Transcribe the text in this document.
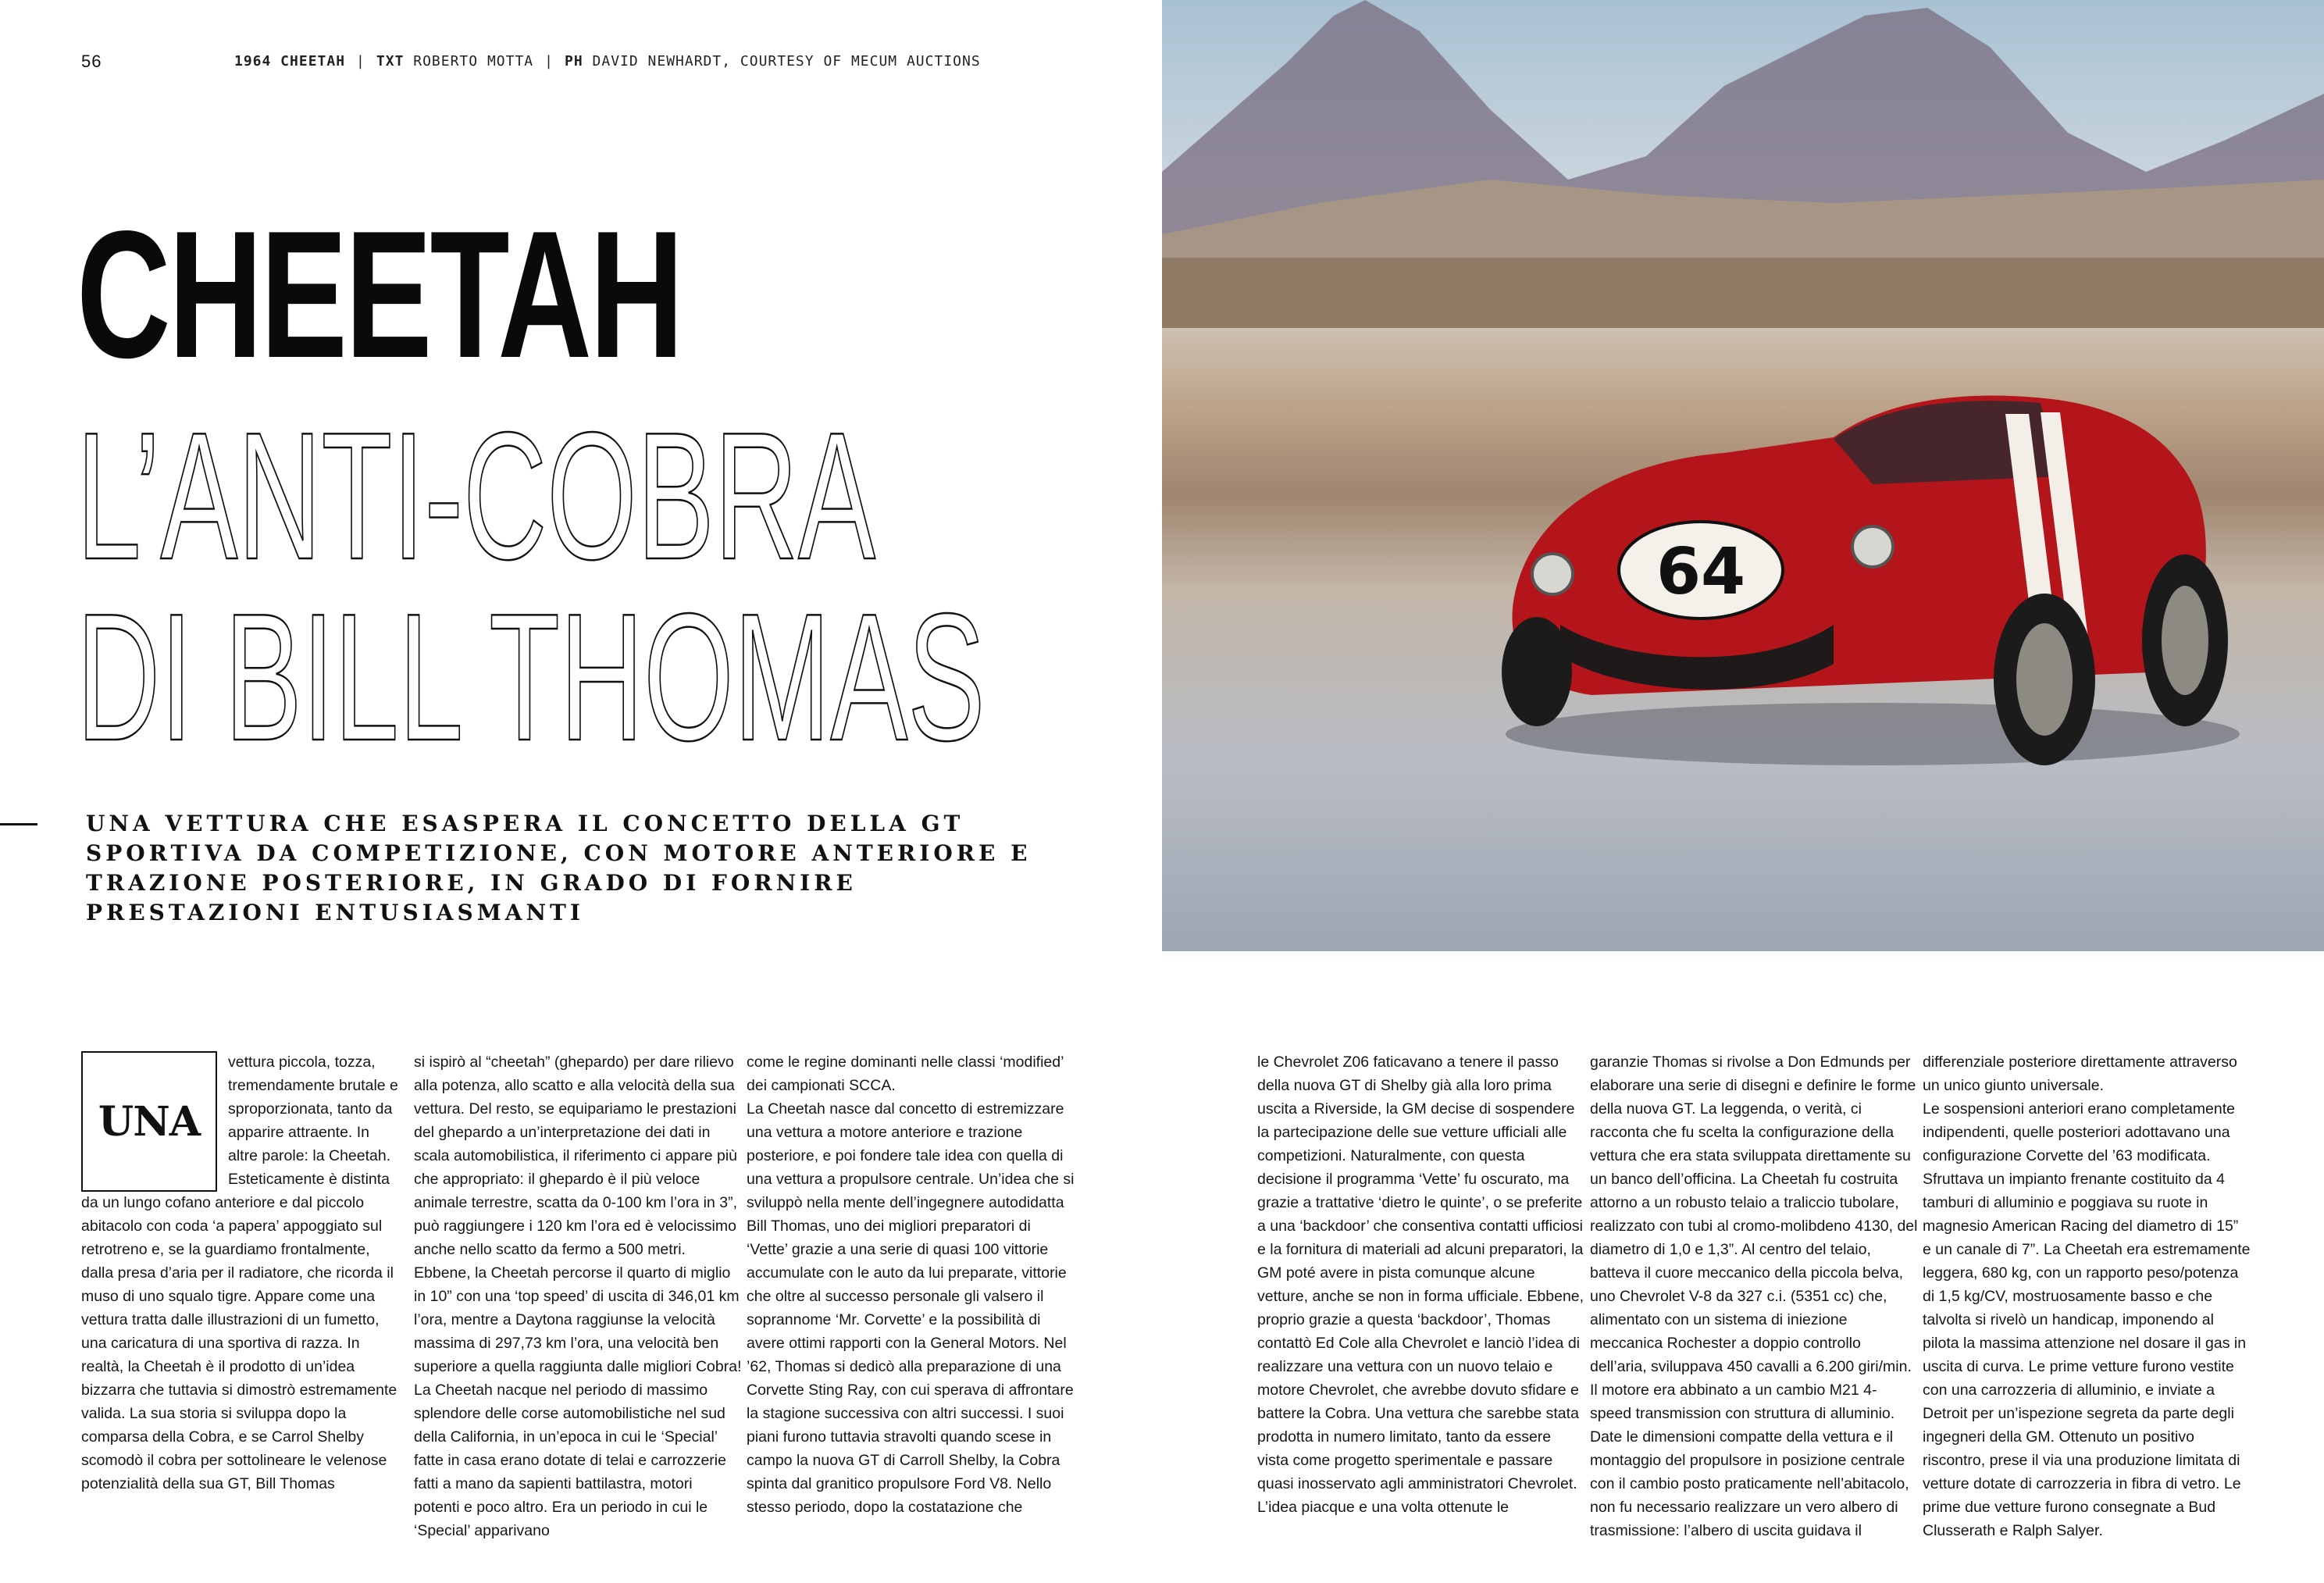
56	1964 CHEETAH | TXT ROBERTO MOTTA | PH DAVID NEWHARDT, COURTESY OF MECUM AUCTIONS
CHEETAH
L’ANTI-COBRA
DI BILL THOMAS

UNA VETTURA CHE ESASPERA IL CONCETTO DELLA GT SPORTIVA DA COMPETIZIONE, CON MOTORE ANTERIORE E TRAZIONE POSTERIORE, IN GRADO DI FORNIRE PRESTAZIONI ENTUSIASMANTI

64
UNA

vettura piccola, tozza, tremendamente brutale e sproporzionata, tanto da apparire attraente. In altre parole: la Cheetah. Esteticamente è distinta da un lungo cofano anteriore e dal piccolo abitacolo con coda ‘a papera’ appoggiato sul retrotreno e, se la guardiamo frontalmente, dalla presa d’aria per il radiatore, che ricorda il muso di uno squalo tigre. Appare come una vettura tratta dalle illustrazioni di un fumetto, una caricatura di una sportiva di razza. In realtà, la Cheetah è il prodotto di un’idea bizzarra che tuttavia si dimostrò estremamente valida. La sua storia si sviluppa dopo la comparsa della Cobra, e se Carrol Shelby scomodò il cobra per sottolineare le velenose potenzialità della sua GT, Bill Thomas

si ispirò al “cheetah” (ghepardo) per dare rilievo alla potenza, allo scatto e alla velocità della sua vettura. Del resto, se equipariamo le prestazioni del ghepardo a un’interpretazione dei dati in scala automobilistica, il riferimento ci appare più che appropriato: il ghepardo è il più veloce animale terrestre, scatta da 0-100 km l’ora in 3”, può raggiungere i 120 km l’ora ed è velocissimo anche nello scatto da fermo a 500 metri. Ebbene, la Cheetah percorse il quarto di miglio in 10” con una ‘top speed’ di uscita di 346,01 km l’ora, mentre a Daytona raggiunse la velocità massima di 297,73 km l’ora, una velocità ben superiore a quella raggiunta dalle migliori Cobra! La Cheetah nacque nel periodo di massimo splendore delle corse automobilistiche nel sud della California, in un’epoca in cui le ‘Special’ fatte in casa erano dotate di telai e carrozzerie fatti a mano da sapienti battilastra, motori potenti e poco altro. Era un periodo in cui le ‘Special’ apparivano

come le regine dominanti nelle classi ‘modified’ dei campionati SCCA.

La Cheetah nasce dal concetto di estremizzare una vettura a motore anteriore e trazione posteriore, e poi fondere tale idea con quella di una vettura a propulsore centrale. Un’idea che si sviluppò nella mente dell’ingegnere autodidatta Bill Thomas, uno dei migliori preparatori di ‘Vette’ grazie a una serie di quasi 100 vittorie accumulate con le auto da lui preparate, vittorie che oltre al successo personale gli valsero il soprannome ‘Mr. Corvette’ e la possibilità di avere ottimi rapporti con la General Motors. Nel ’62, Thomas si dedicò alla preparazione di una Corvette Sting Ray, con cui sperava di affrontare la stagione successiva con altri successi. I suoi piani furono tuttavia stravolti quando scese in campo la nuova GT di Carroll Shelby, la Cobra spinta dal granitico propulsore Ford V8. Nello stesso periodo, dopo la costatazione che

le Chevrolet Z06 faticavano a tenere il passo della nuova GT di Shelby già alla loro prima uscita a Riverside, la GM decise di sospendere la partecipazione delle sue vetture ufficiali alle competizioni. Naturalmente, con questa decisione il programma ‘Vette’ fu oscurato, ma grazie a trattative ‘dietro le quinte’, o se preferite a una ‘backdoor’ che consentiva contatti ufficiosi e la fornitura di materiali ad alcuni preparatori, la GM poté avere in pista comunque alcune vetture, anche se non in forma ufficiale. Ebbene, proprio grazie a questa ‘backdoor’, Thomas contattò Ed Cole alla Chevrolet e lanciò l’idea di realizzare una vettura con un nuovo telaio e motore Chevrolet, che avrebbe dovuto sfidare e battere la Cobra. Una vettura che sarebbe stata prodotta in numero limitato, tanto da essere vista come progetto sperimentale e passare quasi inosservato agli amministratori Chevrolet. L’idea piacque e una volta ottenute le

garanzie Thomas si rivolse a Don Edmunds per elaborare una serie di disegni e definire le forme della nuova GT. La leggenda, o verità, ci racconta che fu scelta la configurazione della vettura che era stata sviluppata direttamente su un banco dell’officina. La Cheetah fu costruita attorno a un robusto telaio a traliccio tubolare, realizzato con tubi al cromo-molibdeno 4130, del diametro di 1,0 e 1,3”. Al centro del telaio, batteva il cuore meccanico della piccola belva, uno Chevrolet V-8 da 327 c.i. (5351 cc) che, alimentato con un sistema di iniezione meccanica Rochester a doppio controllo dell’aria, sviluppava 450 cavalli a 6.200 giri/min. Il motore era abbinato a un cambio M21 4-speed transmission con struttura di alluminio. Date le dimensioni compatte della vettura e il montaggio del propulsore in posizione centrale con il cambio posto praticamente nell’abitacolo, non fu necessario realizzare un vero albero di trasmissione: l’albero di uscita guidava il

differenziale posteriore direttamente attraverso un unico giunto universale.

Le sospensioni anteriori erano completamente indipendenti, quelle posteriori adottavano una configurazione Corvette del ’63 modificata. Sfruttava un impianto frenante costituito da 4 tamburi di alluminio e poggiava su ruote in magnesio American Racing del diametro di 15” e un canale di 7”. La Cheetah era estremamente leggera, 680 kg, con un rapporto peso/potenza di 1,5 kg/CV, mostruosamente basso e che talvolta si rivelò un handicap, imponendo al pilota la massima attenzione nel dosare il gas in uscita di curva. Le prime vetture furono vestite con una carrozzeria di alluminio, e inviate a Detroit per un’ispezione segreta da parte degli ingegneri della GM. Ottenuto un positivo riscontro, prese il via una produzione limitata di vetture dotate di carrozzeria in fibra di vetro. Le prime due vetture furono consegnate a Bud Clusserath e Ralph Salyer.
